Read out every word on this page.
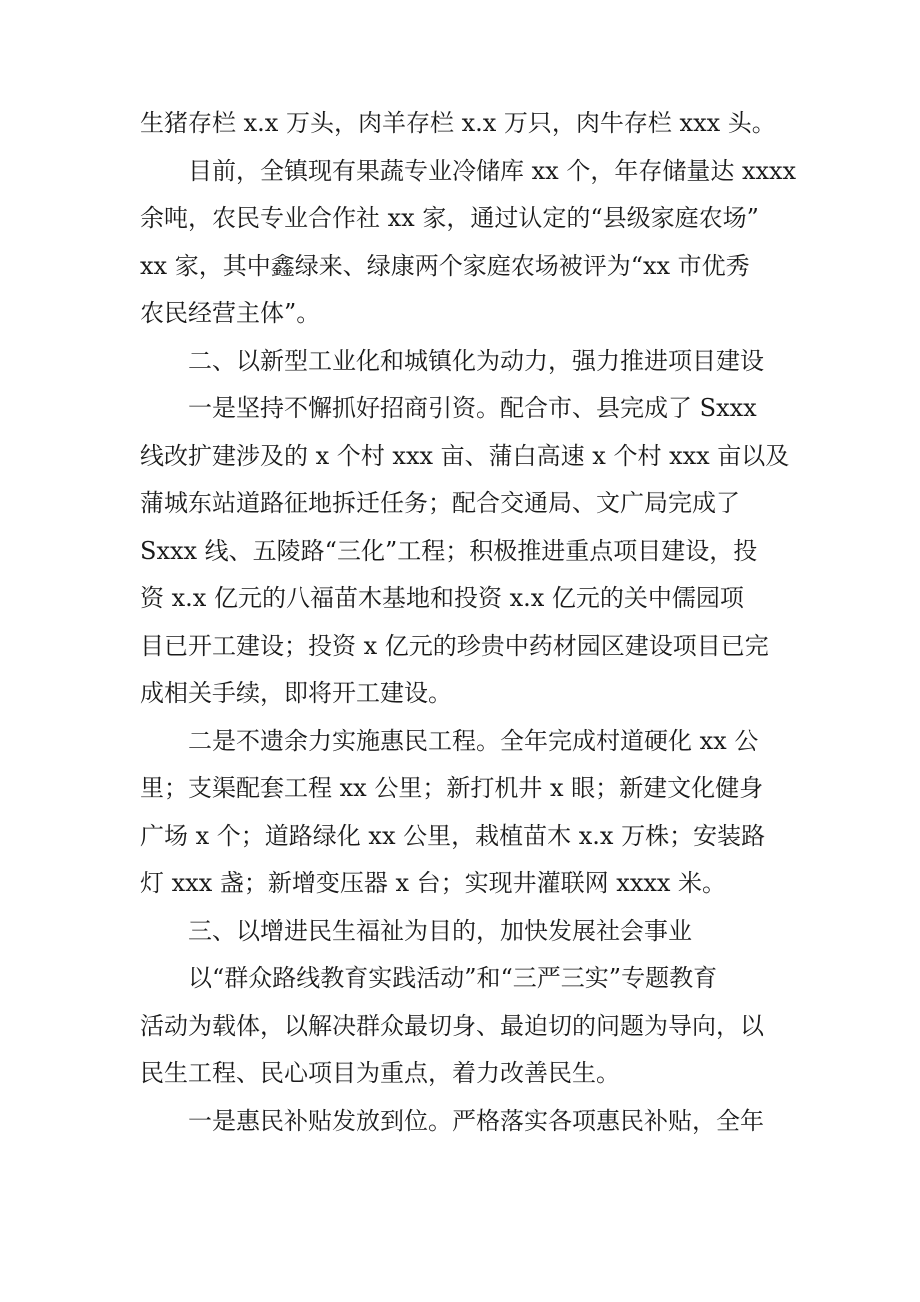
生猪存栏 x.x 万头，肉羊存栏 x.x 万只，肉牛存栏 xxx 头。
目前，全镇现有果蔬专业冷储库 xx 个，年存储量达 xxxx
余吨，农民专业合作社 xx 家，通过认定的“县级家庭农场”
xx 家，其中鑫绿来、绿康两个家庭农场被评为“xx 市优秀
农民经营主体”。
二、以新型工业化和城镇化为动力，强力推进项目建设
一是坚持不懈抓好招商引资。配合市、县完成了 Sxxx
线改扩建涉及的 x 个村 xxx 亩、蒲白高速 x 个村 xxx 亩以及
蒲城东站道路征地拆迁任务；配合交通局、文广局完成了
Sxxx 线、五陵路“三化”工程；积极推进重点项目建设，投
资 x.x 亿元的八福苗木基地和投资 x.x 亿元的关中儒园项
目已开工建设；投资 x 亿元的珍贵中药材园区建设项目已完
成相关手续，即将开工建设。
二是不遗余力实施惠民工程。全年完成村道硬化 xx 公
里；支渠配套工程 xx 公里；新打机井 x 眼；新建文化健身
广场 x 个；道路绿化 xx 公里，栽植苗木 x.x 万株；安装路
灯 xxx 盏；新增变压器 x 台；实现井灌联网 xxxx 米。
三、以增进民生福祉为目的，加快发展社会事业
以“群众路线教育实践活动”和“三严三实”专题教育
活动为载体，以解决群众最切身、最迫切的问题为导向，以
民生工程、民心项目为重点，着力改善民生。
一是惠民补贴发放到位。严格落实各项惠民补贴，全年
